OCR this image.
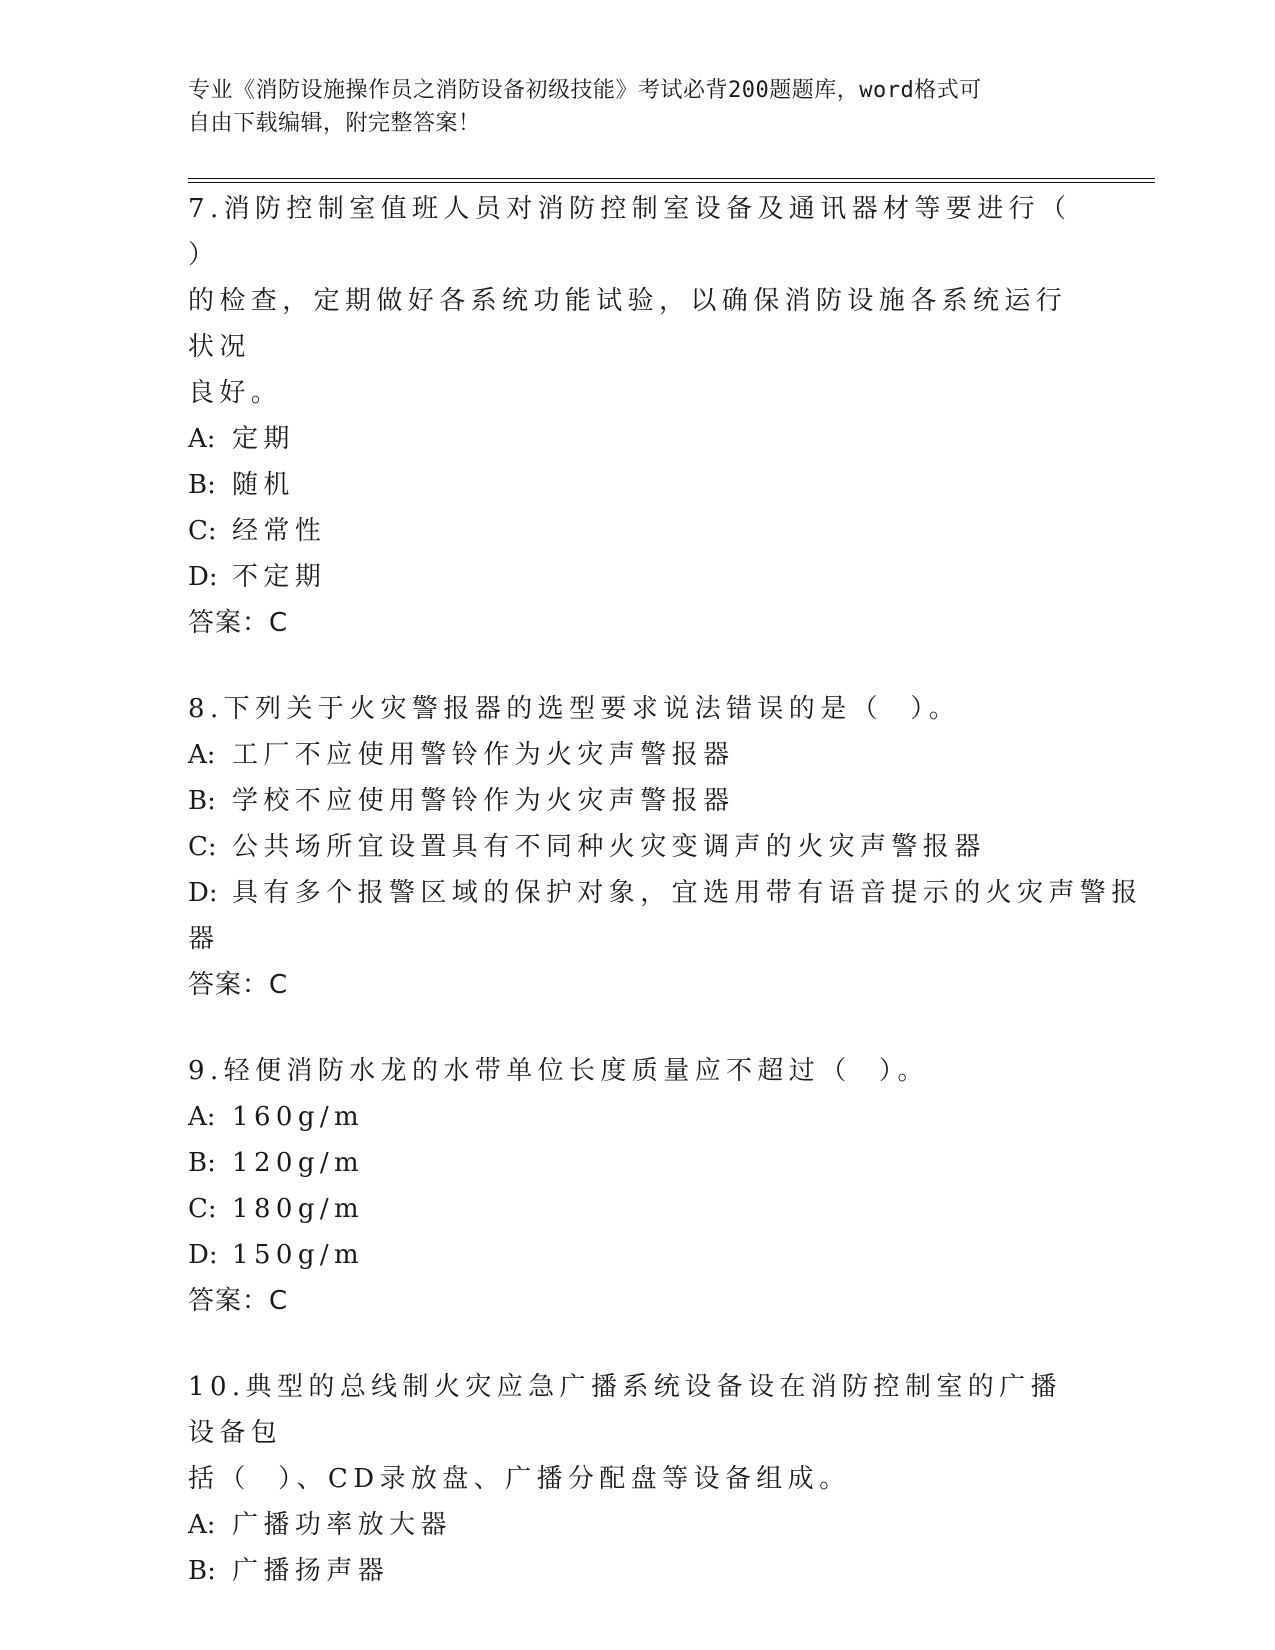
专业《消防设施操作员之消防设备初级技能》考试必背200题题库，word格式可
自由下载编辑，附完整答案！
7.消防控制室值班人员对消防控制室设备及通讯器材等要进行（  ）
的检查，定期做好各系统功能试验，以确保消防设施各系统运行状况
良好。
A: 定期
B: 随机
C: 经常性
D: 不定期
答案：C
8.下列关于火灾警报器的选型要求说法错误的是（  ）。
A: 工厂不应使用警铃作为火灾声警报器
B: 学校不应使用警铃作为火灾声警报器
C: 公共场所宜设置具有不同种火灾变调声的火灾声警报器
D: 具有多个报警区域的保护对象，宜选用带有语音提示的火灾声警报
器
答案：C
9.轻便消防水龙的水带单位长度质量应不超过（  ）。
A: 160g/m
B: 120g/m
C: 180g/m
D: 150g/m
答案：C
10.典型的总线制火灾应急广播系统设备设在消防控制室的广播设备包
括（  ）、CD录放盘、广播分配盘等设备组成。
A: 广播功率放大器
B: 广播扬声器
